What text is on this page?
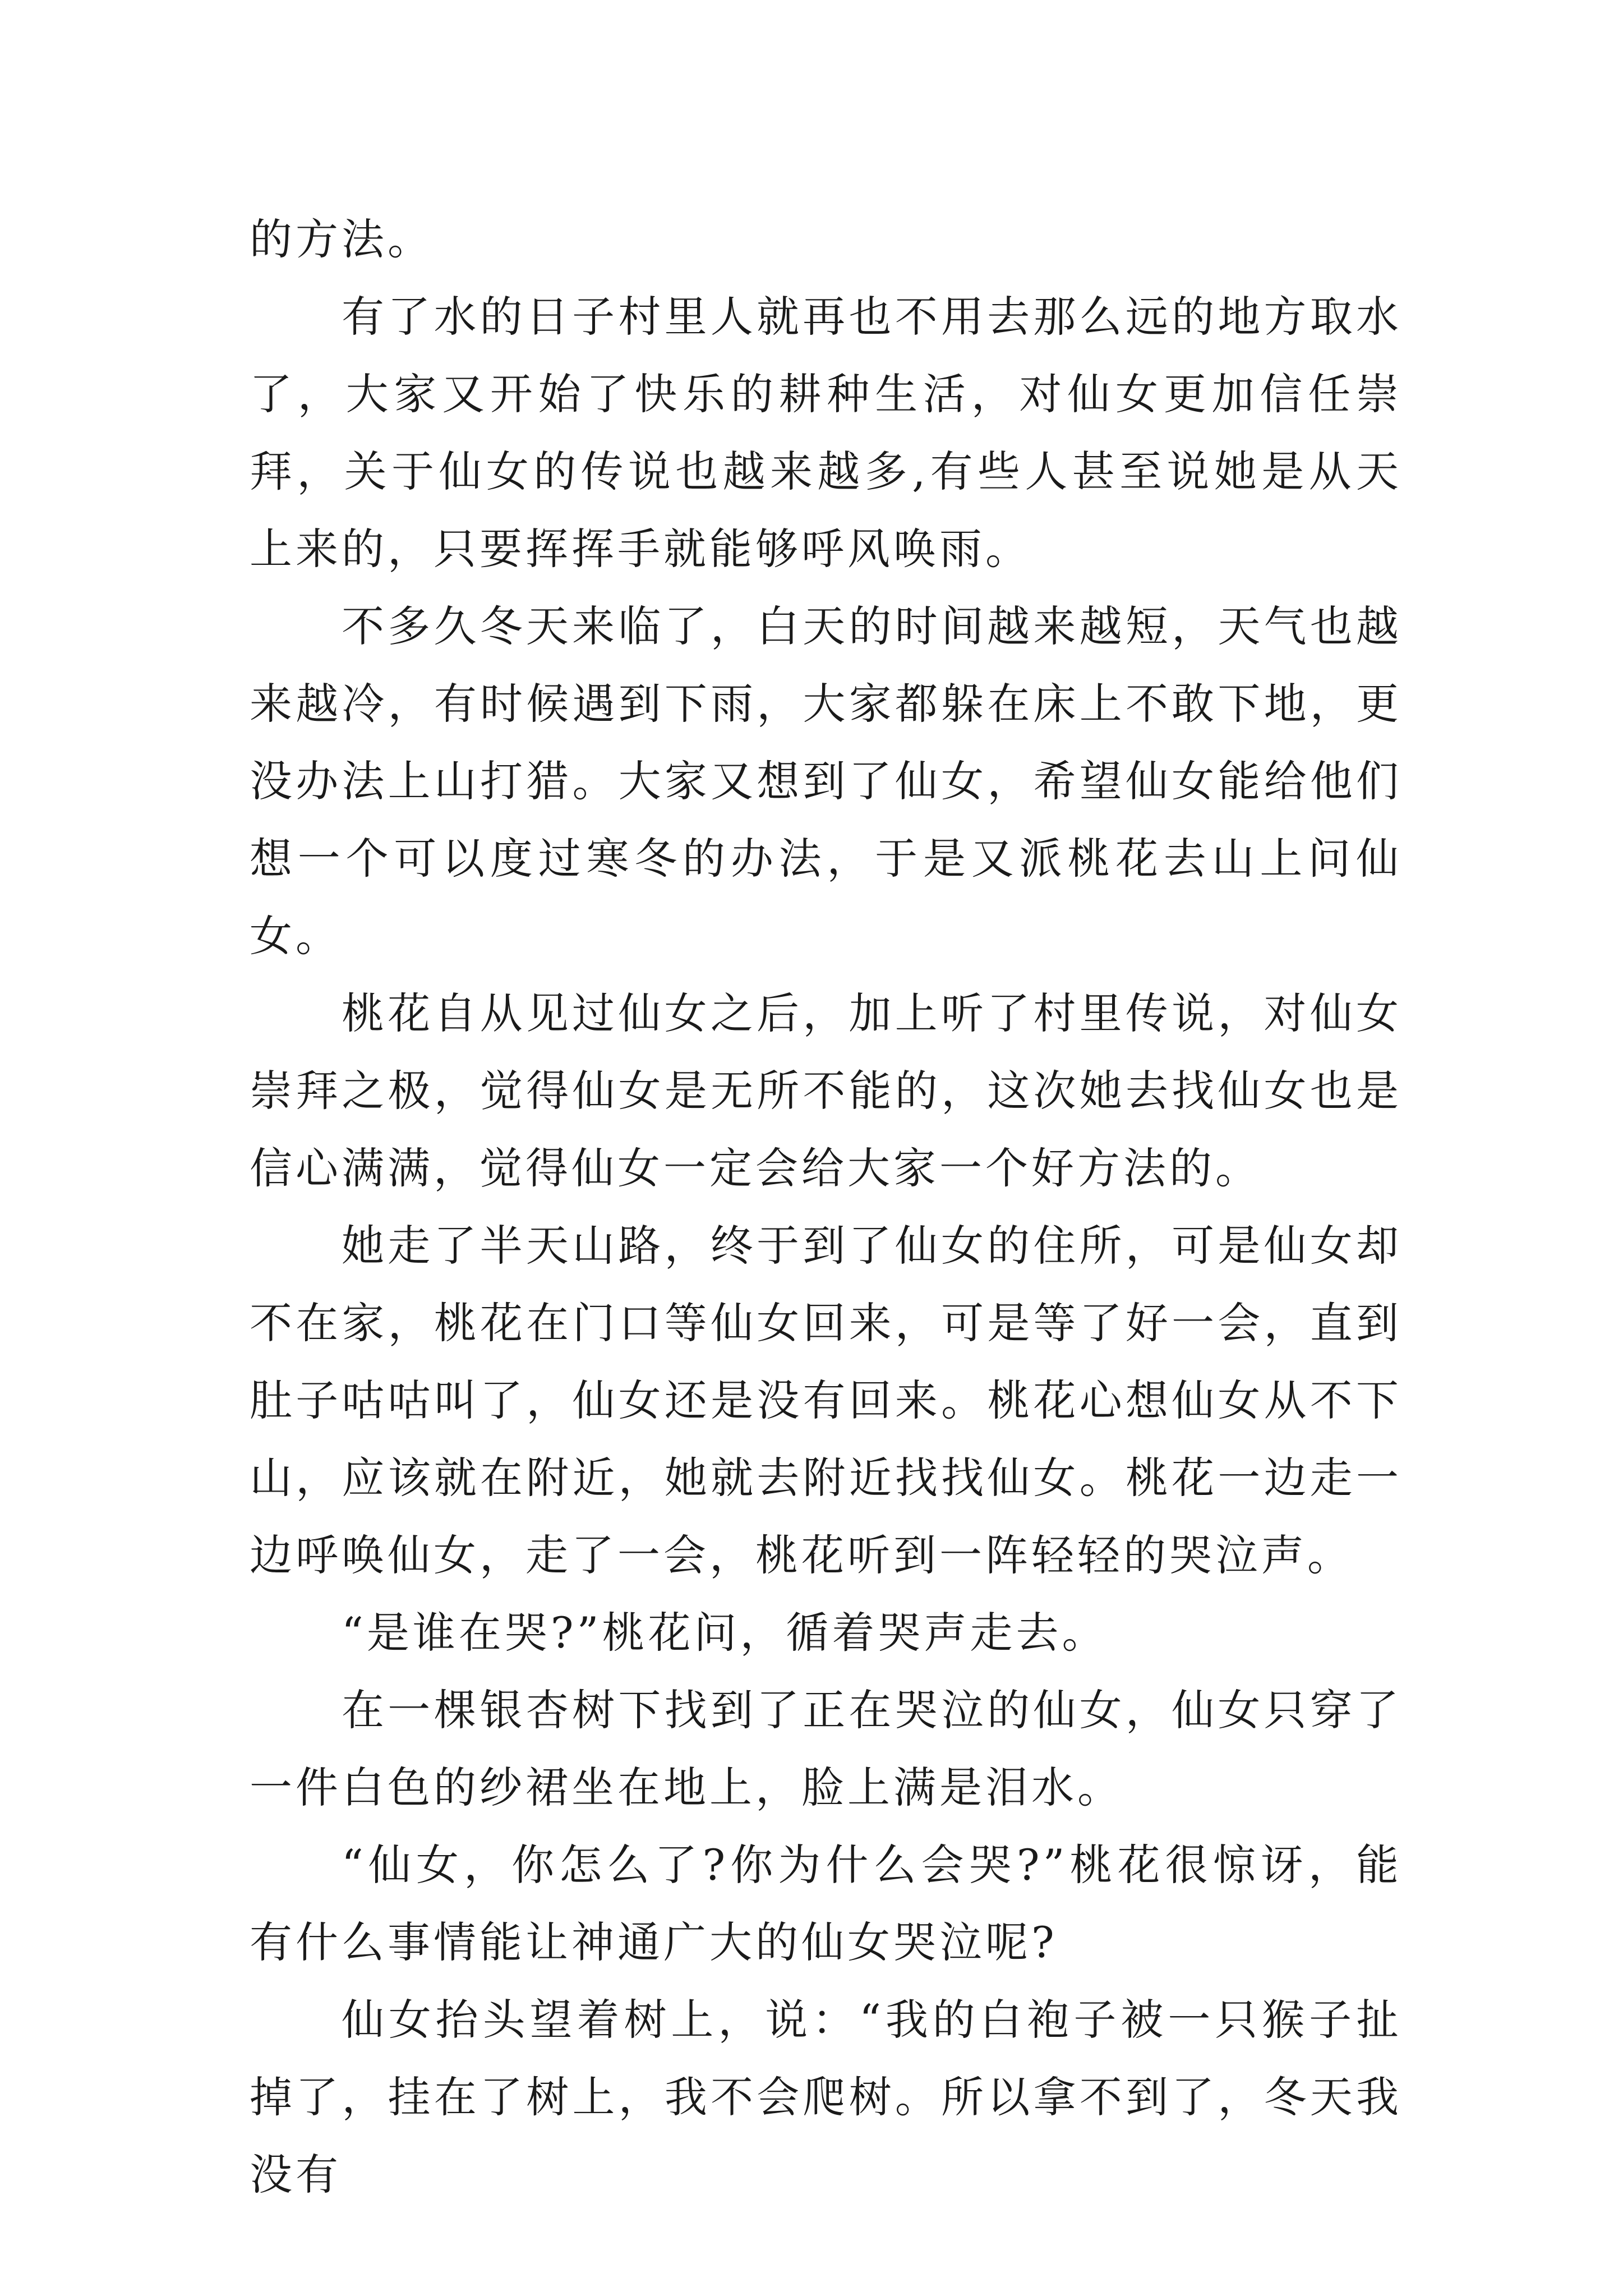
的方法。

有了水的日子村里人就再也不用去那么远的地方取水了，大家又开始了快乐的耕种生活，对仙女更加信任崇拜，关于仙女的传说也越来越多,有些人甚至说她是从天上来的，只要挥挥手就能够呼风唤雨。

不多久冬天来临了，白天的时间越来越短，天气也越来越冷，有时候遇到下雨，大家都躲在床上不敢下地，更没办法上山打猎。大家又想到了仙女，希望仙女能给他们想一个可以度过寒冬的办法，于是又派桃花去山上问仙女。

桃花自从见过仙女之后，加上听了村里传说，对仙女崇拜之极，觉得仙女是无所不能的，这次她去找仙女也是信心满满，觉得仙女一定会给大家一个好方法的。

她走了半天山路，终于到了仙女的住所，可是仙女却不在家，桃花在门口等仙女回来，可是等了好一会，直到肚子咕咕叫了，仙女还是没有回来。桃花心想仙女从不下山，应该就在附近，她就去附近找找仙女。桃花一边走一边呼唤仙女，走了一会，桃花听到一阵轻轻的哭泣声。

“是谁在哭?”桃花问，循着哭声走去。

在一棵银杏树下找到了正在哭泣的仙女，仙女只穿了一件白色的纱裙坐在地上，脸上满是泪水。

“仙女，你怎么了?你为什么会哭?”桃花很惊讶，能有什么事情能让神通广大的仙女哭泣呢?

仙女抬头望着树上，说：“我的白袍子被一只猴子扯掉了，挂在了树上，我不会爬树。所以拿不到了，冬天我没有
